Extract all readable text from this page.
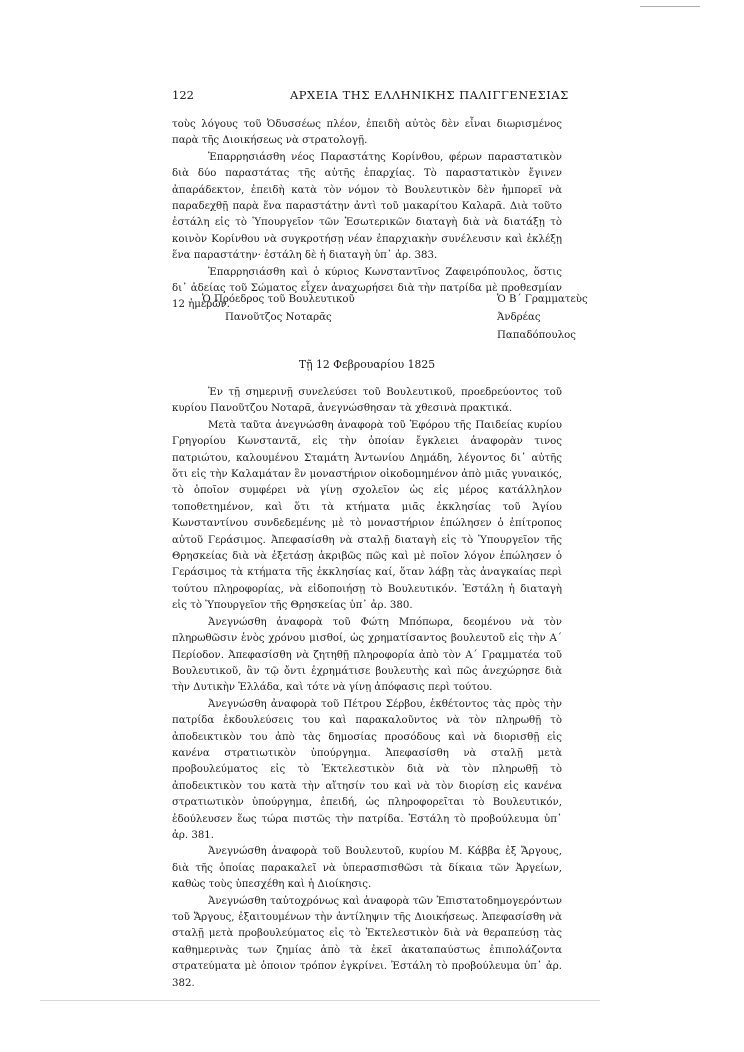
122	ΑΡΧΕΙΑ ΤΗΣ ΕΛΛΗΝΙΚΗΣ ΠΑΛΙΓΓΕΝΕΣΙΑΣ

τοὺς λόγους τοῦ Ὀδυσσέως πλέον, ἐπειδὴ αὐτὸς δὲν εἶναι διωρισμένος παρὰ τῆς Διοικήσεως νὰ στρατολογῇ.

Ἐπαρρησιάσθη νέος Παραστάτης Κορίνθου, φέρων παραστατικὸν διὰ δύο παραστάτας τῆς αὐτῆς ἐπαρχίας. Τὸ παραστατικὸν ἔγινεν ἀπαράδεκτον, ἐπειδὴ κατὰ τὸν νόμον τὸ Βουλευτικὸν δὲν ἠμπορεῖ νὰ παραδεχθῇ παρὰ ἕνα παραστάτην ἀντὶ τοῦ μακαρίτου Καλαρᾶ. Διὰ τοῦτο ἐστάλη εἰς τὸ Ὑπουργεῖον τῶν Ἐσωτερικῶν διαταγὴ διὰ νὰ διατάξῃ τὸ κοινὸν Κορίνθου νὰ συγκροτήσῃ νέαν ἐπαρχιακὴν συνέλευσιν καὶ ἐκλέξῃ ἕνα παραστάτην· ἐστάλη δὲ ἡ διαταγὴ ὑπ᾽ ἀρ. 383.

Ἐπαρρησιάσθη καὶ ὁ κύριος Κωνσταντῖνος Ζαφειρόπουλος, ὅστις δι᾽ ἀδείας τοῦ Σώματος εἶχεν ἀναχωρήσει διὰ τὴν πατρίδα μὲ προθεσμίαν 12 ἡμερῶν.

Ὁ Πρόεδρος τοῦ Βουλευτικοῦ
Πανοῦτζος Νοταρᾶς
Ὁ Β´ Γραμματεὺς
Ἀνδρέας Παπαδόπουλος
Τῇ 12 Φεβρουαρίου 1825

Ἐν τῇ σημερινῇ συνελεύσει τοῦ Βουλευτικοῦ, προεδρεύοντος τοῦ κυρίου Πανοῦτζου Νοταρᾶ, ἀνεγνώσθησαν τὰ χθεσινὰ πρακτικά.

Μετὰ ταῦτα ἀνεγνώσθη ἀναφορὰ τοῦ Ἐφόρου τῆς Παιδείας κυρίου Γρηγορίου Κωνσταντᾶ, εἰς τὴν ὁποίαν ἔγκλειει ἀναφορὰν τινος πατριώτου, καλουμένου Σταμάτη Ἀντωνίου Δημάδη, λέγοντος δι᾽ αὐτῆς ὅτι εἰς τὴν Καλαμάταν ἓν μοναστήριον οἰκοδομημένον ἀπὸ μιᾶς γυναικός, τὸ ὁποῖον συμφέρει νὰ γίνῃ σχολεῖον ὡς εἰς μέρος κατάλληλον τοποθετημένον, καὶ ὅτι τὰ κτήματα μιᾶς ἐκκλησίας τοῦ Ἁγίου Κωνσταντίνου συνδεδεμένης μὲ τὸ μοναστήριον ἐπώλησεν ὁ ἐπίτροπος αὐτοῦ Γεράσιμος. Ἀπεφασίσθη νὰ σταλῇ διαταγὴ εἰς τὸ Ὑπουργεῖον τῆς Θρησκείας διὰ νὰ ἐξετάσῃ ἀκριβῶς πῶς καὶ μὲ ποῖον λόγον ἐπώλησεν ὁ Γεράσιμος τὰ κτήματα τῆς ἐκκλησίας καί, ὅταν λάβῃ τὰς ἀναγκαίας περὶ τούτου πληροφορίας, νὰ εἰδοποιήσῃ τὸ Βουλευτικόν. Ἐστάλη ἡ διαταγὴ εἰς τὸ Ὑπουργεῖον τῆς Θρησκείας ὑπ᾽ ἀρ. 380.

Ἀνεγνώσθη ἀναφορὰ τοῦ Φώτη Μπόπωρα, δεομένου νὰ τὸν πληρωθῶσιν ἑνὸς χρόνου μισθοί, ὡς χρηματίσαντος βουλευτοῦ εἰς τὴν Α´ Περίοδον. Ἀπεφασίσθη νὰ ζητηθῇ πληροφορία ἀπὸ τὸν Α´ Γραμματέα τοῦ Βουλευτικοῦ, ἂν τῷ ὄντι ἐχρημάτισε βουλευτὴς καὶ πῶς ἀνεχώρησε διὰ τὴν Δυτικὴν Ἑλλάδα, καὶ τότε νὰ γίνῃ ἀπόφασις περὶ τούτου.

Ἀνεγνώσθη ἀναφορὰ τοῦ Πέτρου Σέρβου, ἐκθέτοντος τὰς πρὸς τὴν πατρίδα ἐκδουλεύσεις του καὶ παρακαλοῦντος νὰ τὸν πληρωθῇ τὸ ἀποδεικτικὸν του ἀπὸ τὰς δημοσίας προσόδους καὶ νὰ διορισθῇ εἰς κανένα στρατιωτικὸν ὑπούργημα. Ἀπεφασίσθη νὰ σταλῇ μετὰ προβουλεύματος εἰς τὸ Ἐκτελεστικὸν διὰ νὰ τὸν πληρωθῇ τὸ ἀποδεικτικὸν του κατὰ τὴν αἴτησίν του καὶ νὰ τὸν διορίσῃ εἰς κανένα στρατιωτικὸν ὑπούργημα, ἐπειδή, ὡς πληροφορεῖται τὸ Βουλευτικόν, ἐδούλευσεν ἕως τώρα πιστῶς τὴν πατρίδα. Ἐστάλη τὸ προβούλευμα ὑπ᾽ ἀρ. 381.

Ἀνεγνώσθη ἀναφορὰ τοῦ Βουλευτοῦ, κυρίου Μ. Κάββα ἐξ Ἄργους, διὰ τῆς ὁποίας παρακαλεῖ νὰ ὑπερασπισθῶσι τὰ δίκαια τῶν Ἀργείων, καθὼς τοὺς ὑπεσχέθη καὶ ἡ Διοίκησις.

Ἀνεγνώσθη ταὐτοχρόνως καὶ ἀναφορὰ τῶν Ἐπιστατοδημογερόντων τοῦ Ἄργους, ἐξαιτουμένων τὴν ἀντίληψιν τῆς Διοικήσεως. Ἀπεφασίσθη νὰ σταλῇ μετὰ προβουλεύματος εἰς τὸ Ἐκτελεστικὸν διὰ νὰ θεραπεύσῃ τὰς καθημερινὰς των ζημίας ἀπὸ τὰ ἐκεῖ ἀκαταπαύστως ἐπιπολάζοντα στρατεύματα μὲ ὁποιον τρόπον ἐγκρίνει. Ἐστάλη τὸ προβούλευμα ὑπ᾽ ἀρ. 382.
